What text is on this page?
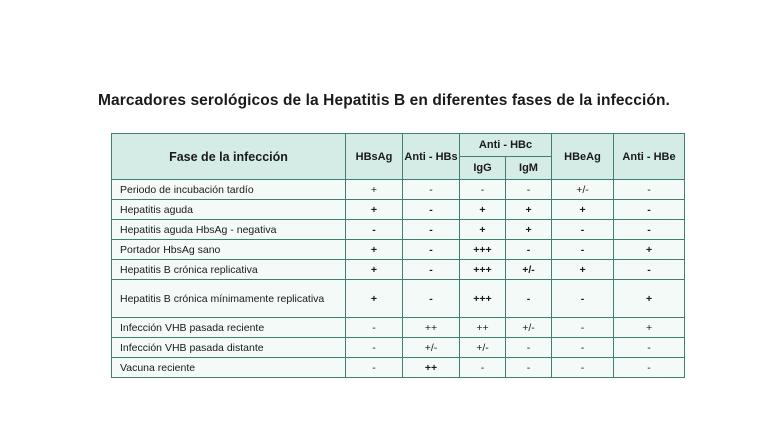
Marcadores serológicos de la Hepatitis B en diferentes fases de la infección.
Fase de la infección	HBsAg	Anti - HBs	Anti - HBc		HBeAg	Anti - HBe
			IgG	IgM		
Periodo de incubación tardío	+	-	-	-	+/-	-
Hepatitis aguda	+	-	+	+	+	-
Hepatitis aguda HbsAg - negativa	-	-	+	+	-	-
Portador HbsAg sano	+	-	+++	-	-	+
Hepatitis B crónica replicativa	+	-	+++	+/-	+	-
Hepatitis B crónica mínimamente replicativa	+	-	+++	-	-	+
Infección VHB pasada reciente	-	++	++	+/-	-	+
Infección VHB pasada distante	-	+/-	+/-	-	-	-
Vacuna reciente	-	++	-	-	-	-
